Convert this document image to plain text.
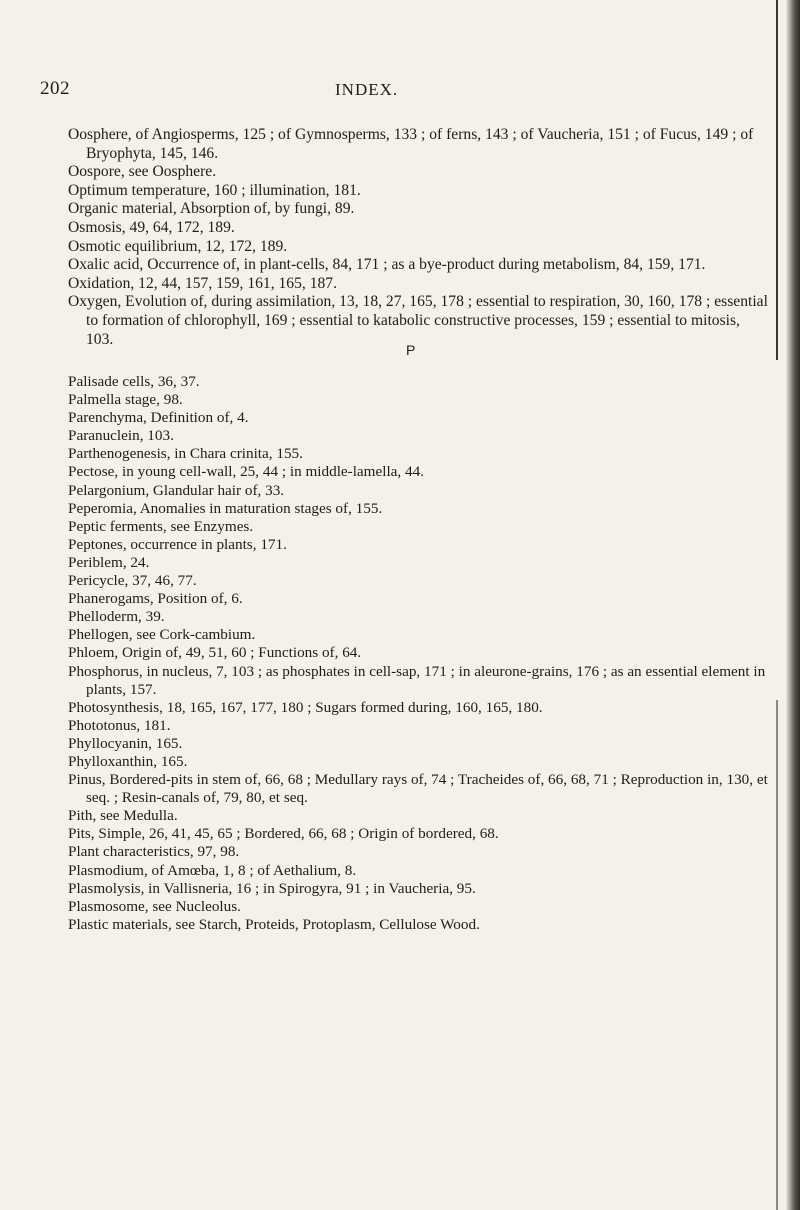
202	INDEX.

Oosphere, of Angiosperms, 125 ; of Gymnosperms, 133 ; of ferns, 143 ; of Vaucheria, 151 ; of Fucus, 149 ; of Bryophyta, 145, 146.

Oospore, see Oosphere.

Optimum temperature, 160 ; illumination, 181.

Organic material, Absorption of, by fungi, 89.

Osmosis, 49, 64, 172, 189.

Osmotic equilibrium, 12, 172, 189.

Oxalic acid, Occurrence of, in plant-cells, 84, 171 ; as a bye-product during metabolism, 84, 159, 171.

Oxidation, 12, 44, 157, 159, 161, 165, 187.

Oxygen, Evolution of, during assimilation, 13, 18, 27, 165, 178 ; essential to respiration, 30, 160, 178 ; essential to formation of chlorophyll, 169 ; essential to katabolic constructive processes, 159 ; essential to mitosis, 103.

P

Palisade cells, 36, 37.

Palmella stage, 98.

Parenchyma, Definition of, 4.

Paranuclein, 103.

Parthenogenesis, in Chara crinita, 155.

Pectose, in young cell-wall, 25, 44 ; in middle-lamella, 44.

Pelargonium, Glandular hair of, 33.

Peperomia, Anomalies in maturation stages of, 155.

Peptic ferments, see Enzymes.

Peptones, occurrence in plants, 171.

Periblem, 24.

Pericycle, 37, 46, 77.

Phanerogams, Position of, 6.

Phelloderm, 39.

Phellogen, see Cork-cambium.

Phloem, Origin of, 49, 51, 60 ; Functions of, 64.

Phosphorus, in nucleus, 7, 103 ; as phosphates in cell-sap, 171 ; in aleurone-grains, 176 ; as an essential element in plants, 157.

Photosynthesis, 18, 165, 167, 177, 180 ; Sugars formed during, 160, 165, 180.

Phototonus, 181.

Phyllocyanin, 165.

Phylloxanthin, 165.

Pinus, Bordered-pits in stem of, 66, 68 ; Medullary rays of, 74 ; Tracheides of, 66, 68, 71 ; Reproduction in, 130, et seq. ; Resin-canals of, 79, 80, et seq.

Pith, see Medulla.

Pits, Simple, 26, 41, 45, 65 ; Bordered, 66, 68 ; Origin of bordered, 68.

Plant characteristics, 97, 98.

Plasmodium, of Amœba, 1, 8 ; of Aethalium, 8.

Plasmolysis, in Vallisneria, 16 ; in Spirogyra, 91 ; in Vaucheria, 95.

Plasmosome, see Nucleolus.

Plastic materials, see Starch, Proteids, Protoplasm, Cellulose Wood.
